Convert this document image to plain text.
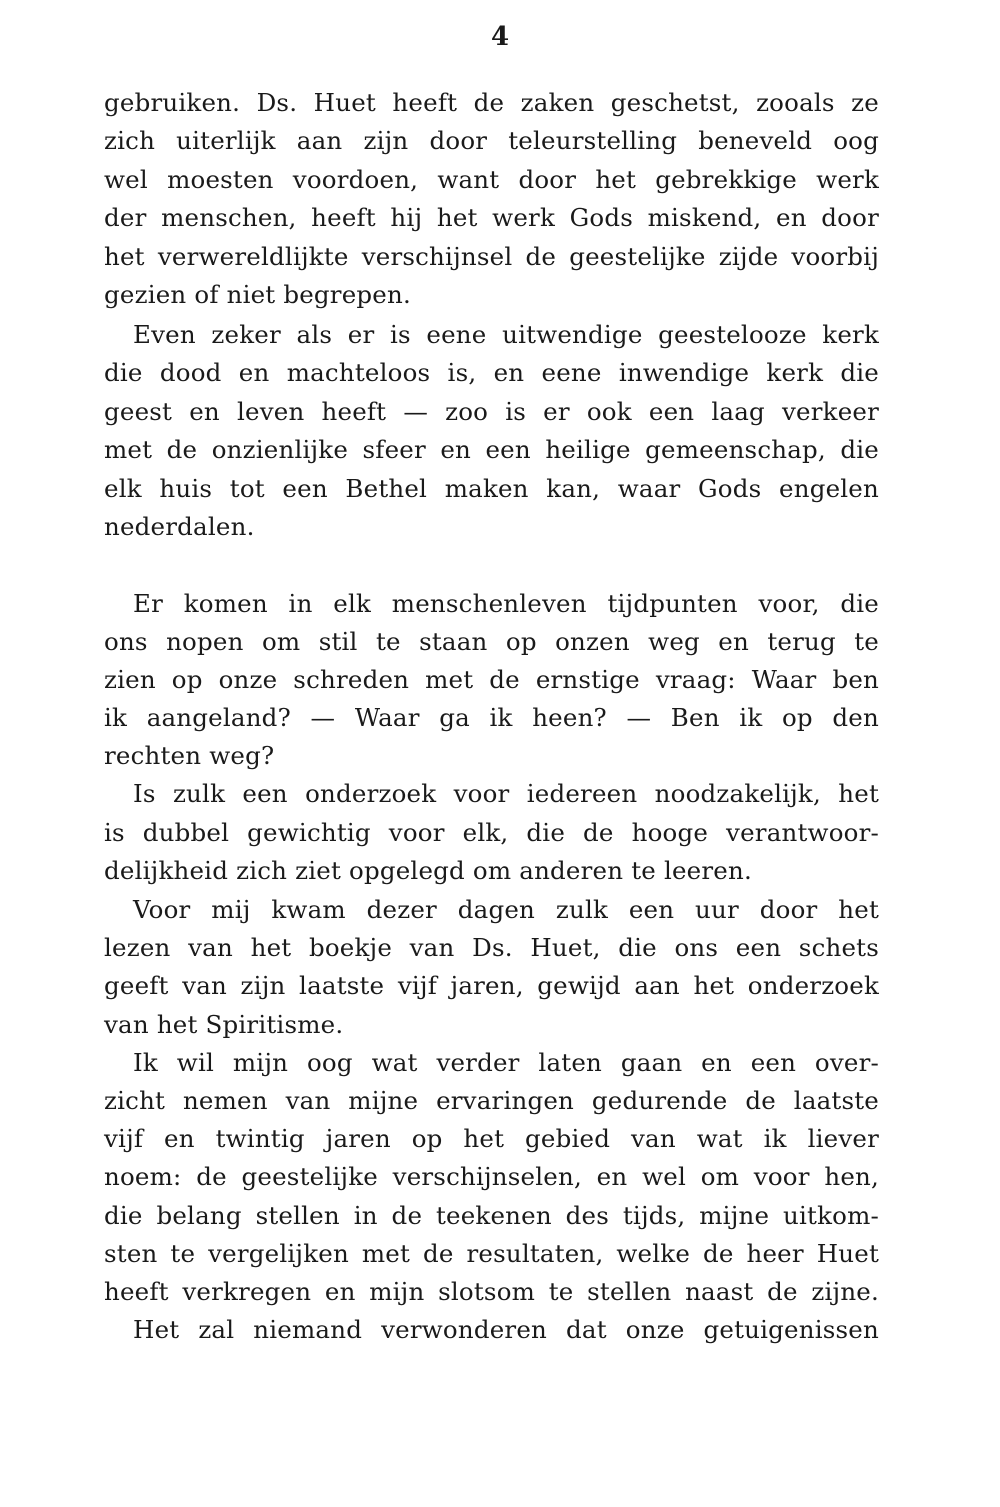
4
gebruiken. Ds. Huet heeft de zaken geschetst, zooals ze
zich uiterlijk aan zijn door teleurstelling beneveld oog
wel moesten voordoen, want door het gebrekkige werk
der menschen, heeft hij het werk Gods miskend, en door
het verwereldlijkte verschijnsel de geestelijke zijde voorbij
gezien of niet begrepen.
Even zeker als er is eene uitwendige geestelooze kerk
die dood en machteloos is, en eene inwendige kerk die
geest en leven heeft — zoo is er ook een laag verkeer
met de onzienlijke sfeer en een heilige gemeenschap, die
elk huis tot een Bethel maken kan, waar Gods engelen
nederdalen.
Er komen in elk menschenleven tijdpunten voor, die
ons nopen om stil te staan op onzen weg en terug te
zien op onze schreden met de ernstige vraag: Waar ben
ik aangeland? — Waar ga ik heen? — Ben ik op den
rechten weg?
Is zulk een onderzoek voor iedereen noodzakelijk, het
is dubbel gewichtig voor elk, die de hooge verantwoor-
delijkheid zich ziet opgelegd om anderen te leeren.
Voor mij kwam dezer dagen zulk een uur door het
lezen van het boekje van Ds. Huet, die ons een schets
geeft van zijn laatste vijf jaren, gewijd aan het onderzoek
van het Spiritisme.
Ik wil mijn oog wat verder laten gaan en een over-
zicht nemen van mijne ervaringen gedurende de laatste
vijf en twintig jaren op het gebied van wat ik liever
noem: de geestelijke verschijnselen, en wel om voor hen,
die belang stellen in de teekenen des tijds, mijne uitkom-
sten te vergelijken met de resultaten, welke de heer Huet
heeft verkregen en mijn slotsom te stellen naast de zijne.
Het zal niemand verwonderen dat onze getuigenissen
